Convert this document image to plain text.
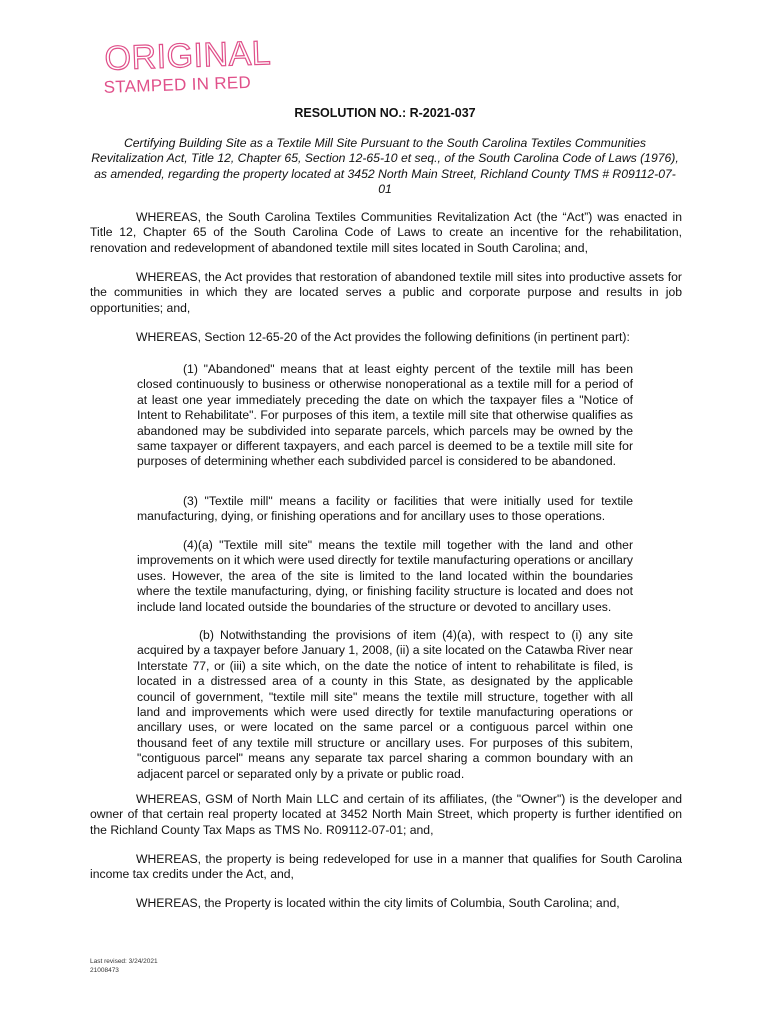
ORIGINAL
STAMPED IN RED
RESOLUTION NO.: R-2021-037
Certifying Building Site as a Textile Mill Site Pursuant to the South Carolina Textiles Communities Revitalization Act, Title 12, Chapter 65, Section 12-65-10 et seq., of the South Carolina Code of Laws (1976), as amended, regarding the property located at 3452 North Main Street, Richland County TMS # R09112-07-01

WHEREAS, the South Carolina Textiles Communities Revitalization Act (the “Act”) was enacted in Title 12, Chapter 65 of the South Carolina Code of Laws to create an incentive for the rehabilitation, renovation and redevelopment of abandoned textile mill sites located in South Carolina; and,

WHEREAS, the Act provides that restoration of abandoned textile mill sites into productive assets for the communities in which they are located serves a public and corporate purpose and results in job opportunities; and,

WHEREAS, Section 12-65-20 of the Act provides the following definitions (in pertinent part):

(1) "Abandoned" means that at least eighty percent of the textile mill has been closed continuously to business or otherwise nonoperational as a textile mill for a period of at least one year immediately preceding the date on which the taxpayer files a "Notice of Intent to Rehabilitate". For purposes of this item, a textile mill site that otherwise qualifies as abandoned may be subdivided into separate parcels, which parcels may be owned by the same taxpayer or different taxpayers, and each parcel is deemed to be a textile mill site for purposes of determining whether each subdivided parcel is considered to be abandoned.

(3) "Textile mill" means a facility or facilities that were initially used for textile manufacturing, dying, or finishing operations and for ancillary uses to those operations.

(4)(a) "Textile mill site" means the textile mill together with the land and other improvements on it which were used directly for textile manufacturing operations or ancillary uses. However, the area of the site is limited to the land located within the boundaries where the textile manufacturing, dying, or finishing facility structure is located and does not include land located outside the boundaries of the structure or devoted to ancillary uses.

(b) Notwithstanding the provisions of item (4)(a), with respect to (i) any site acquired by a taxpayer before January 1, 2008, (ii) a site located on the Catawba River near Interstate 77, or (iii) a site which, on the date the notice of intent to rehabilitate is filed, is located in a distressed area of a county in this State, as designated by the applicable council of government, "textile mill site" means the textile mill structure, together with all land and improvements which were used directly for textile manufacturing operations or ancillary uses, or were located on the same parcel or a contiguous parcel within one thousand feet of any textile mill structure or ancillary uses. For purposes of this subitem, "contiguous parcel" means any separate tax parcel sharing a common boundary with an adjacent parcel or separated only by a private or public road.

WHEREAS, GSM of North Main LLC and certain of its affiliates, (the "Owner") is the developer and owner of that certain real property located at 3452 North Main Street, which property is further identified on the Richland County Tax Maps as TMS No. R09112-07-01; and,

WHEREAS, the property is being redeveloped for use in a manner that qualifies for South Carolina income tax credits under the Act, and,

WHEREAS, the Property is located within the city limits of Columbia, South Carolina; and,

Last revised: 3/24/2021
21008473
